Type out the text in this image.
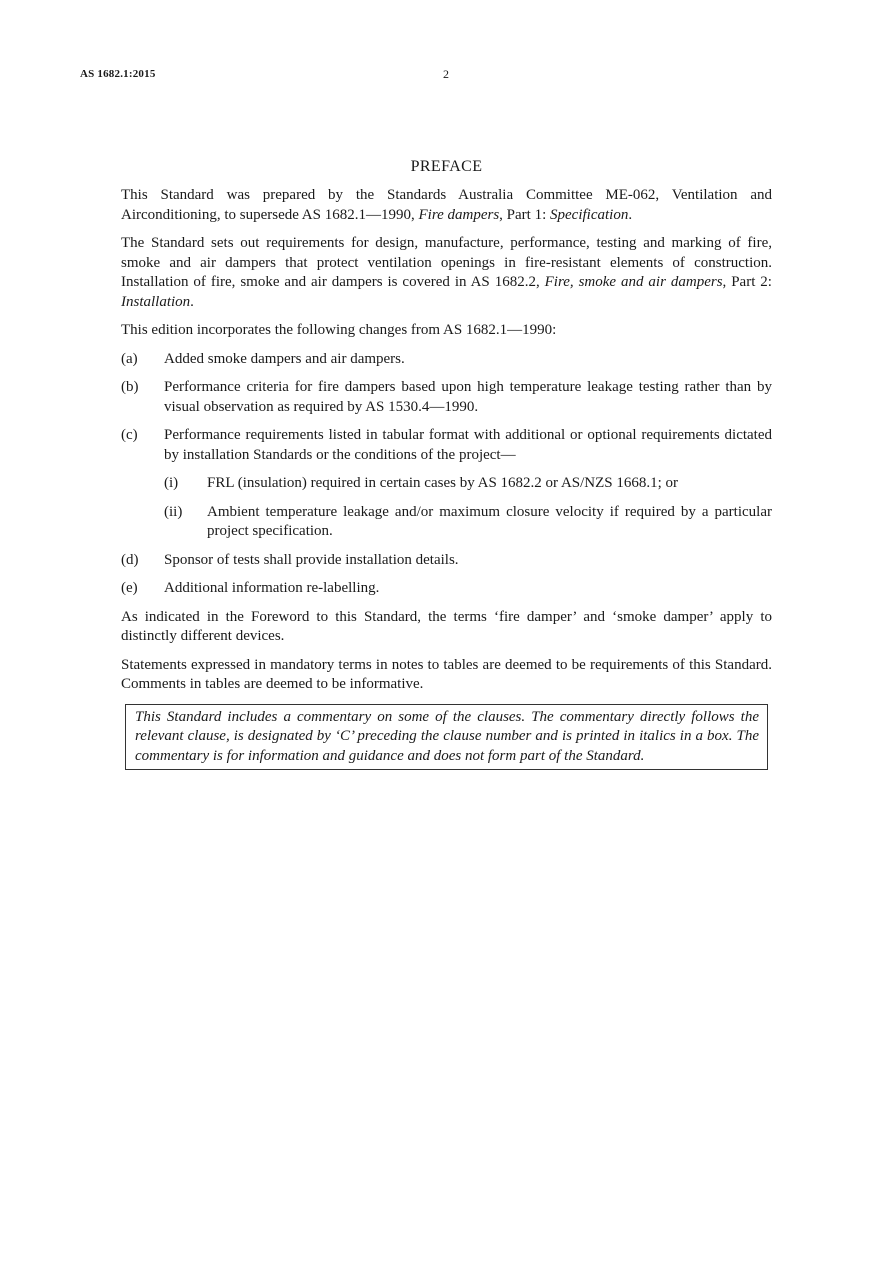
AS 1682.1:2015	2
PREFACE

This Standard was prepared by the Standards Australia Committee ME-062, Ventilation and Airconditioning, to supersede AS 1682.1—1990, Fire dampers, Part 1: Specification.

The Standard sets out requirements for design, manufacture, performance, testing and marking of fire, smoke and air dampers that protect ventilation openings in fire-resistant elements of construction. Installation of fire, smoke and air dampers is covered in AS 1682.2, Fire, smoke and air dampers, Part 2: Installation.

This edition incorporates the following changes from AS 1682.1—1990:

(a)	Added smoke dampers and air dampers.
(b)	Performance criteria for fire dampers based upon high temperature leakage testing rather than by visual observation as required by AS 1530.4—1990.
(c)	Performance requirements listed in tabular format with additional or optional requirements dictated by installation Standards or the conditions of the project—
(i)	FRL (insulation) required in certain cases by AS 1682.2 or AS/NZS 1668.1; or
(ii)	Ambient temperature leakage and/or maximum closure velocity if required by a particular project specification.
(d)	Sponsor of tests shall provide installation details.
(e)	Additional information re-labelling.

As indicated in the Foreword to this Standard, the terms ‘fire damper’ and ‘smoke damper’ apply to distinctly different devices.

Statements expressed in mandatory terms in notes to tables are deemed to be requirements of this Standard. Comments in tables are deemed to be informative.

This Standard includes a commentary on some of the clauses. The commentary directly follows the relevant clause, is designated by ‘C’ preceding the clause number and is printed in italics in a box. The commentary is for information and guidance and does not form part of the Standard.
